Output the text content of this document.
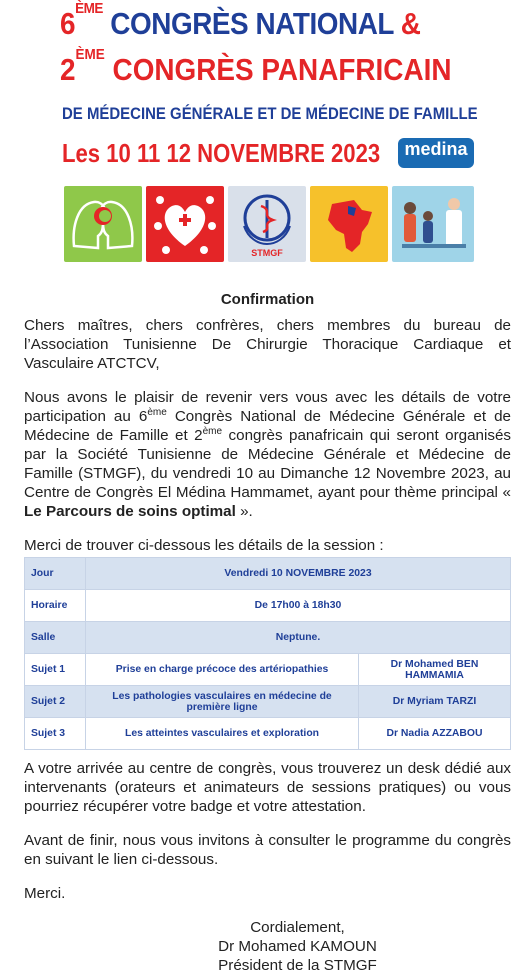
6ÈME CONGRÈS NATIONAL &
2ÈME CONGRÈS PANAFRICAIN
DE MÉDECINE GÉNÉRALE ET DE MÉDECINE DE FAMILLE
Les 10 11 12 NOVEMBRE 2023	medina
STMGF
Confirmation

Chers maîtres, chers confrères, chers membres du bureau de l’Association Tunisienne De Chirurgie Thoracique Cardiaque et Vasculaire ATCTCV,

Nous avons le plaisir de revenir vers vous avec les détails de votre participation au 6ème Congrès National de Médecine Générale et de Médecine de Famille et 2ème congrès panafricain qui seront organisés par la Société Tunisienne de Médecine Générale et Médecine de Famille (STMGF), du vendredi 10 au Dimanche 12 Novembre 2023, au Centre de Congrès El Médina Hammamet, ayant pour thème principal « Le Parcours de soins optimal ».

Merci de trouver ci-dessous les détails de la session :

Jour	Vendredi 10 NOVEMBRE 2023	
Horaire	De 17h00 à 18h30	
Salle	Neptune.	
Sujet 1	Prise en charge précoce des artériopathies	Dr Mohamed BEN HAMMAMIA
Sujet 2	Les pathologies vasculaires en médecine de première ligne	Dr Myriam TARZI
Sujet 3	Les atteintes vasculaires et exploration	Dr Nadia AZZABOU

A votre arrivée au centre de congrès, vous trouverez un desk dédié aux intervenants (orateurs et animateurs de sessions pratiques) ou vous pourriez récupérer votre badge et votre attestation.

Avant de finir, nous vous invitons à consulter le programme du congrès en suivant le lien ci-dessous.

Merci.

Cordialement,
Dr Mohamed KAMOUN
Président de la STMGF
